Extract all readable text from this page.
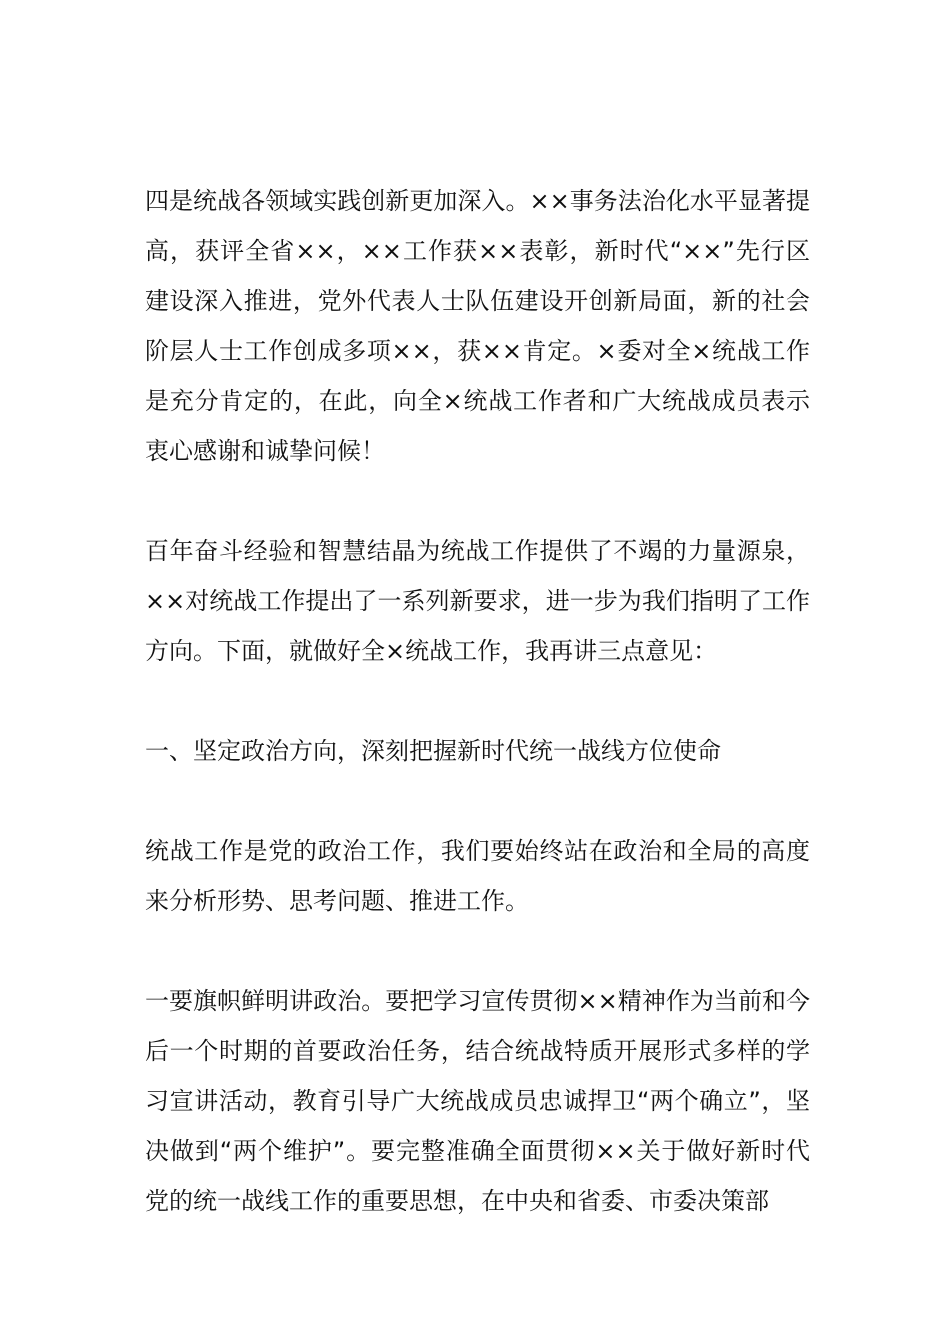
四是统战各领域实践创新更加深入。××事务法治化水平显著提高，获评全省××，××工作获××表彰，新时代“××”先行区建设深入推进，党外代表人士队伍建设开创新局面，新的社会阶层人士工作创成多项××，获××肯定。×委对全×统战工作是充分肯定的，在此，向全×统战工作者和广大统战成员表示衷心感谢和诚挚问候！

百年奋斗经验和智慧结晶为统战工作提供了不竭的力量源泉，××对统战工作提出了一系列新要求，进一步为我们指明了工作方向。下面，就做好全×统战工作，我再讲三点意见：

一、坚定政治方向，深刻把握新时代统一战线方位使命

统战工作是党的政治工作，我们要始终站在政治和全局的高度来分析形势、思考问题、推进工作。

一要旗帜鲜明讲政治。要把学习宣传贯彻××精神作为当前和今后一个时期的首要政治任务，结合统战特质开展形式多样的学习宣讲活动，教育引导广大统战成员忠诚捍卫“两个确立”，坚决做到“两个维护”。要完整准确全面贯彻××关于做好新时代党的统一战线工作的重要思想，在中央和省委、市委决策部
